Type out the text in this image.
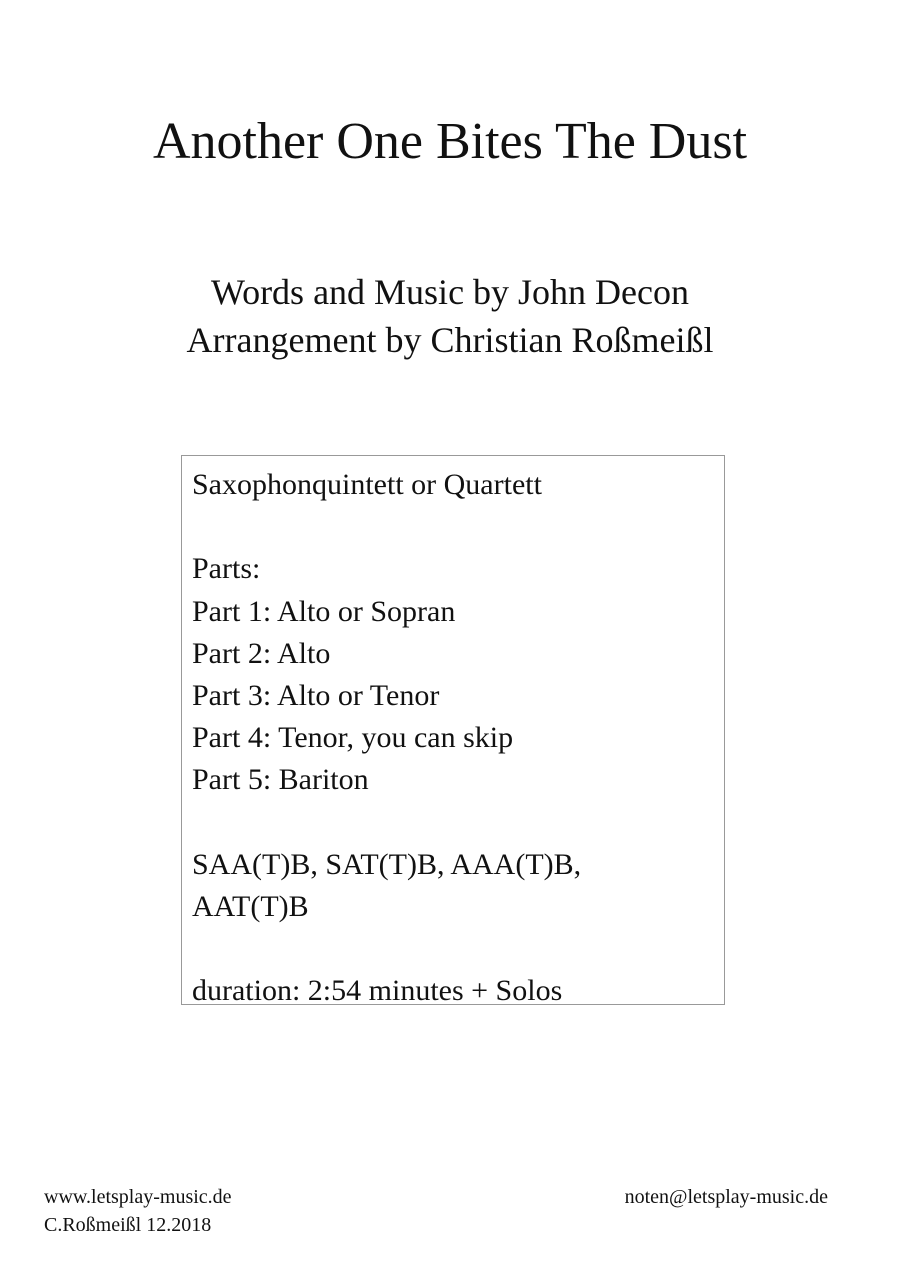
Another One Bites The Dust
Words and Music by John Decon
Arrangement by Christian Roßmeißl
Saxophonquintett or Quartett
Parts:
Part 1: Alto or Sopran
Part 2: Alto
Part 3: Alto or Tenor
Part 4: Tenor, you can skip
Part 5: Bariton
SAA(T)B, SAT(T)B, AAA(T)B,
AAT(T)B
duration: 2:54 minutes + Solos
www.letsplay-music.de
C.Roßmeißl 12.2018
noten@letsplay-music.de
